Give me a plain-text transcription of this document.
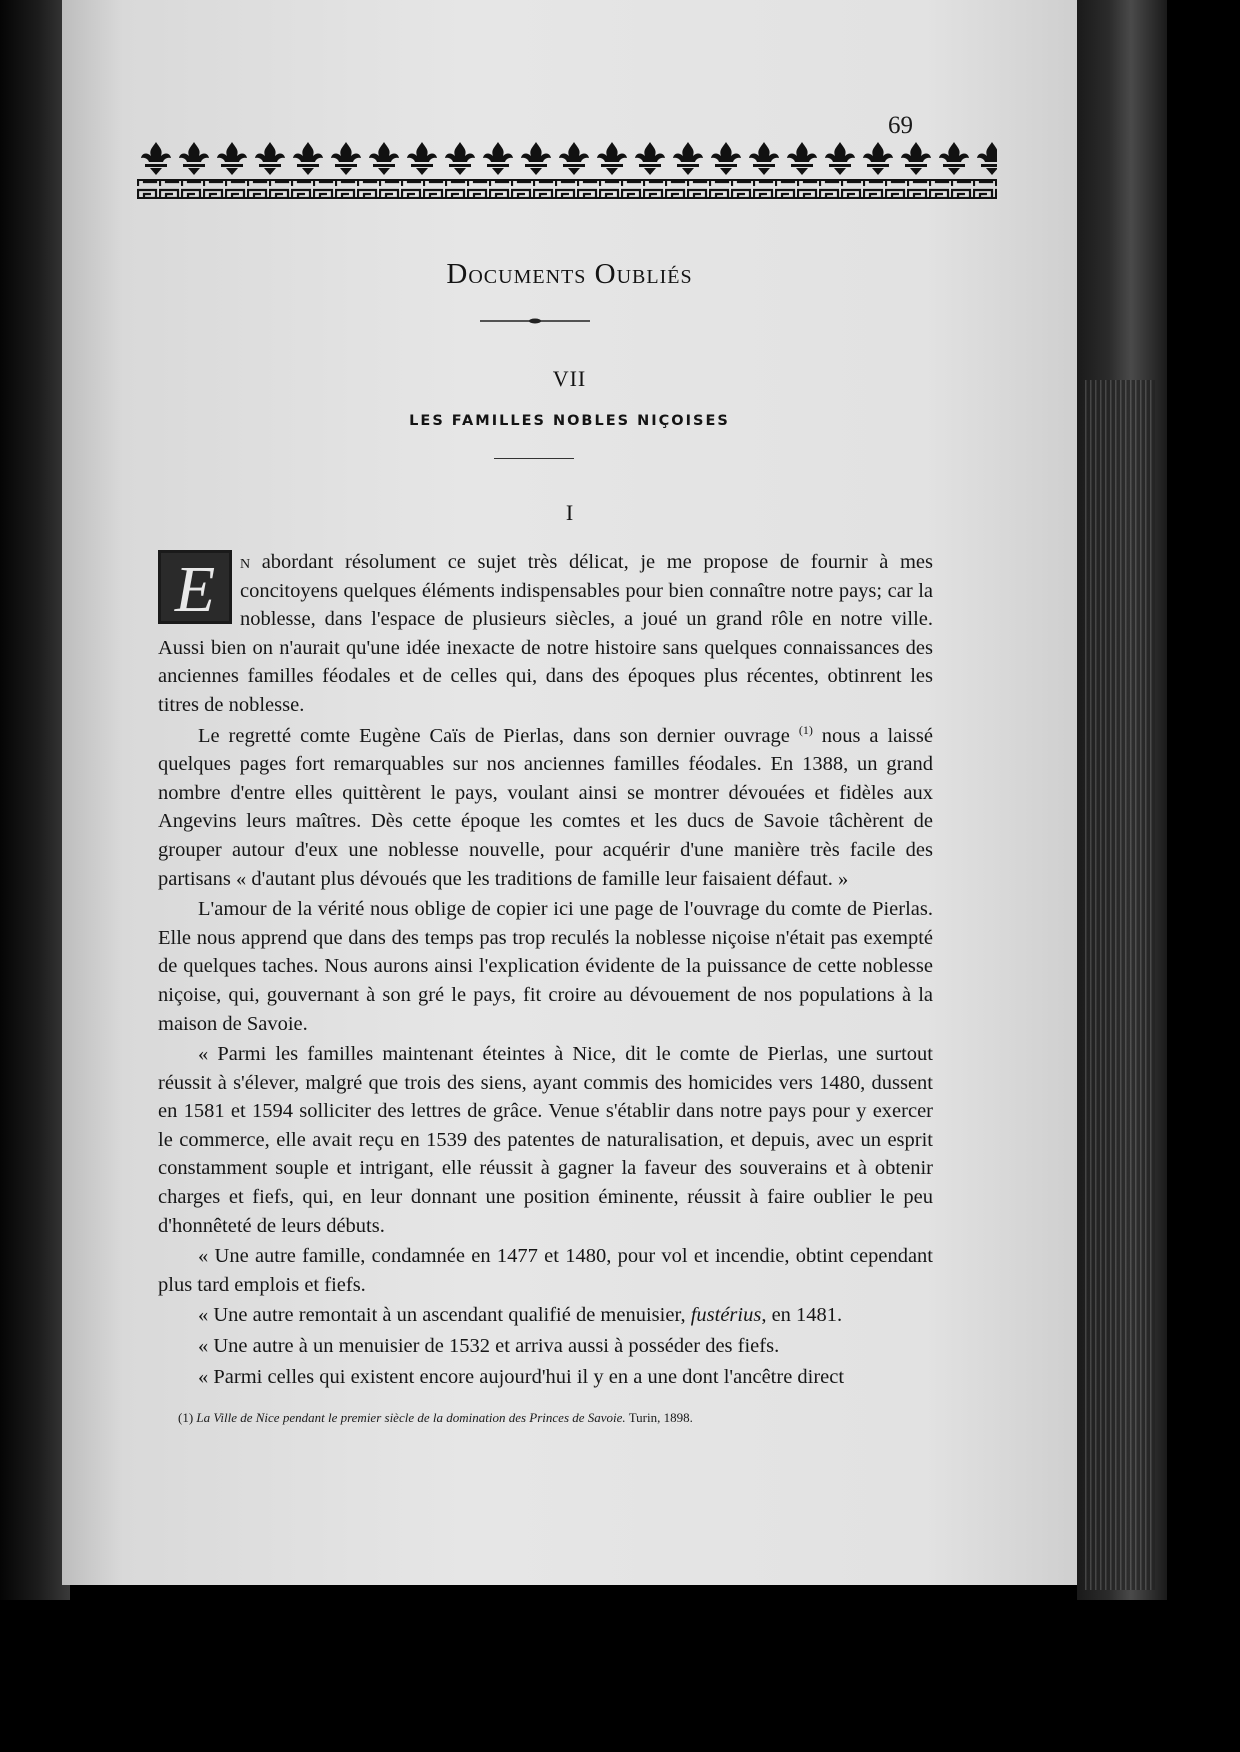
69
Documents Oubliés
VII
LES FAMILLES NOBLES NIÇOISES
I

E	n abordant résolument ce sujet très délicat, je me propose de fournir à mes concitoyens quelques éléments indispensables pour bien connaître notre pays; car la noblesse, dans l'espace de plusieurs siècles, a joué un grand rôle en notre ville. Aussi bien on n'aurait qu'une idée inexacte de notre histoire sans quelques connaissances des anciennes familles féodales et de celles qui, dans des époques plus récentes, obtinrent les titres de noblesse.

Le regretté comte Eugène Caïs de Pierlas, dans son dernier ouvrage $^{(1)}$ nous a laissé quelques pages fort remarquables sur nos anciennes familles féodales. En 1388, un grand nombre d'entre elles quittèrent le pays, voulant ainsi se montrer dévouées et fidèles aux Angevins leurs maîtres. Dès cette époque les comtes et les ducs de Savoie tâchèrent de grouper autour d'eux une noblesse nouvelle, pour acquérir d'une manière très facile des partisans « d'autant plus dévoués que les traditions de famille leur faisaient défaut. »

L'amour de la vérité nous oblige de copier ici une page de l'ouvrage du comte de Pierlas. Elle nous apprend que dans des temps pas trop reculés la noblesse niçoise n'était pas exempté de quelques taches. Nous aurons ainsi l'explication évidente de la puissance de cette noblesse niçoise, qui, gouvernant à son gré le pays, fit croire au dévouement de nos populations à la maison de Savoie.

« Parmi les familles maintenant éteintes à Nice, dit le comte de Pierlas, une surtout réussit à s'élever, malgré que trois des siens, ayant commis des homicides vers 1480, dussent en 1581 et 1594 solliciter des lettres de grâce. Venue s'établir dans notre pays pour y exercer le commerce, elle avait reçu en 1539 des patentes de naturalisation, et depuis, avec un esprit constamment souple et intrigant, elle réussit à gagner la faveur des souverains et à obtenir charges et fiefs, qui, en leur donnant une position éminente, réussit à faire oublier le peu d'honnêteté de leurs débuts.

« Une autre famille, condamnée en 1477 et 1480, pour vol et incendie, obtint cependant plus tard emplois et fiefs.

« Une autre remontait à un ascendant qualifié de menuisier, fustérius, en 1481.

« Une autre à un menuisier de 1532 et arriva aussi à posséder des fiefs.

« Parmi celles qui existent encore aujourd'hui il y en a une dont l'ancêtre direct

(1) La Ville de Nice pendant le premier siècle de la domination des Princes de Savoie. Turin, 1898.
